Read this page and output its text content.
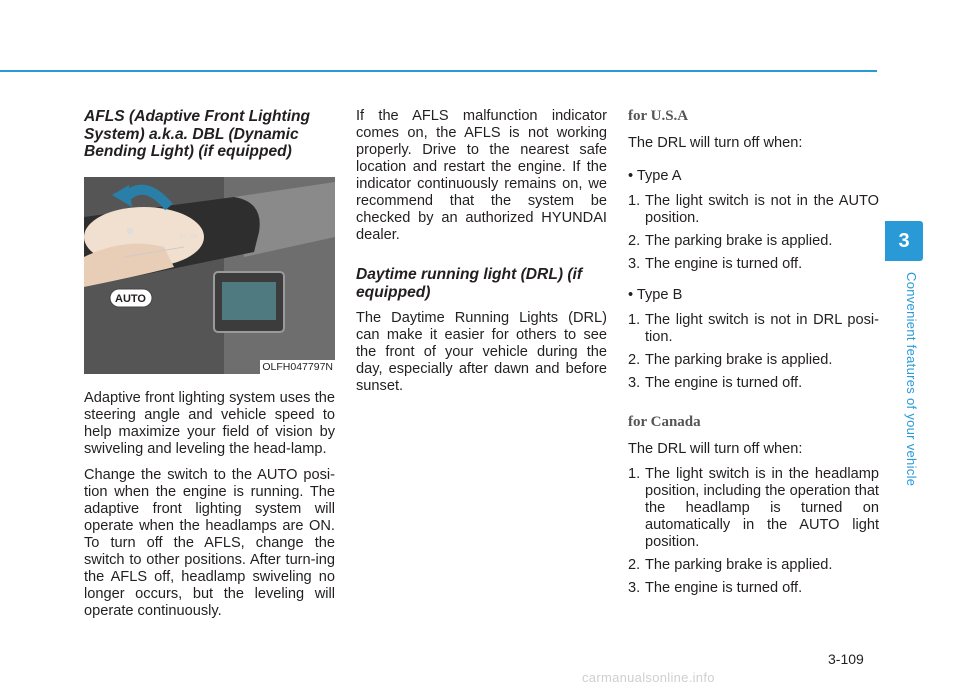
AFLS (Adaptive Front Lighting System) a.k.a. DBL (Dynamic Bending Light) (if equipped)
⇦ ⇨
AUTO
OLFH047797N

Adaptive front lighting system uses the steering angle and vehicle speed to help maximize your field of vision by swiveling and leveling the head-lamp.

Change the switch to the AUTO posi-tion when the engine is running. The adaptive front lighting system will operate when the headlamps are ON. To turn off the AFLS, change the switch to other positions. After turn-ing the AFLS off, headlamp swiveling no longer occurs, but the leveling will operate continuously.

If the AFLS malfunction indicator comes on, the AFLS is not working properly. Drive to the nearest safe location and restart the engine. If the indicator continuously remains on, we recommend that the system be checked by an authorized HYUNDAI dealer.

Daytime running light (DRL) (if equipped)

The Daytime Running Lights (DRL) can make it easier for others to see the front of your vehicle during the day, especially after dawn and before sunset.

for U.S.A

The DRL will turn off when:

• Type A
1. The light switch is not in the AUTO position.
2. The parking brake is applied.
3. The engine is turned off.
• Type B
1. The light switch is not in DRL posi-tion.
2. The parking brake is applied.
3. The engine is turned off.
for Canada

The DRL will turn off when:

1. The light switch is in the headlamp position, including the operation that the headlamp is turned on automatically in the AUTO light position.
2. The parking brake is applied.
3. The engine is turned off.
3
Convenient features of your vehicle
3-109
carmanualsonline.info
